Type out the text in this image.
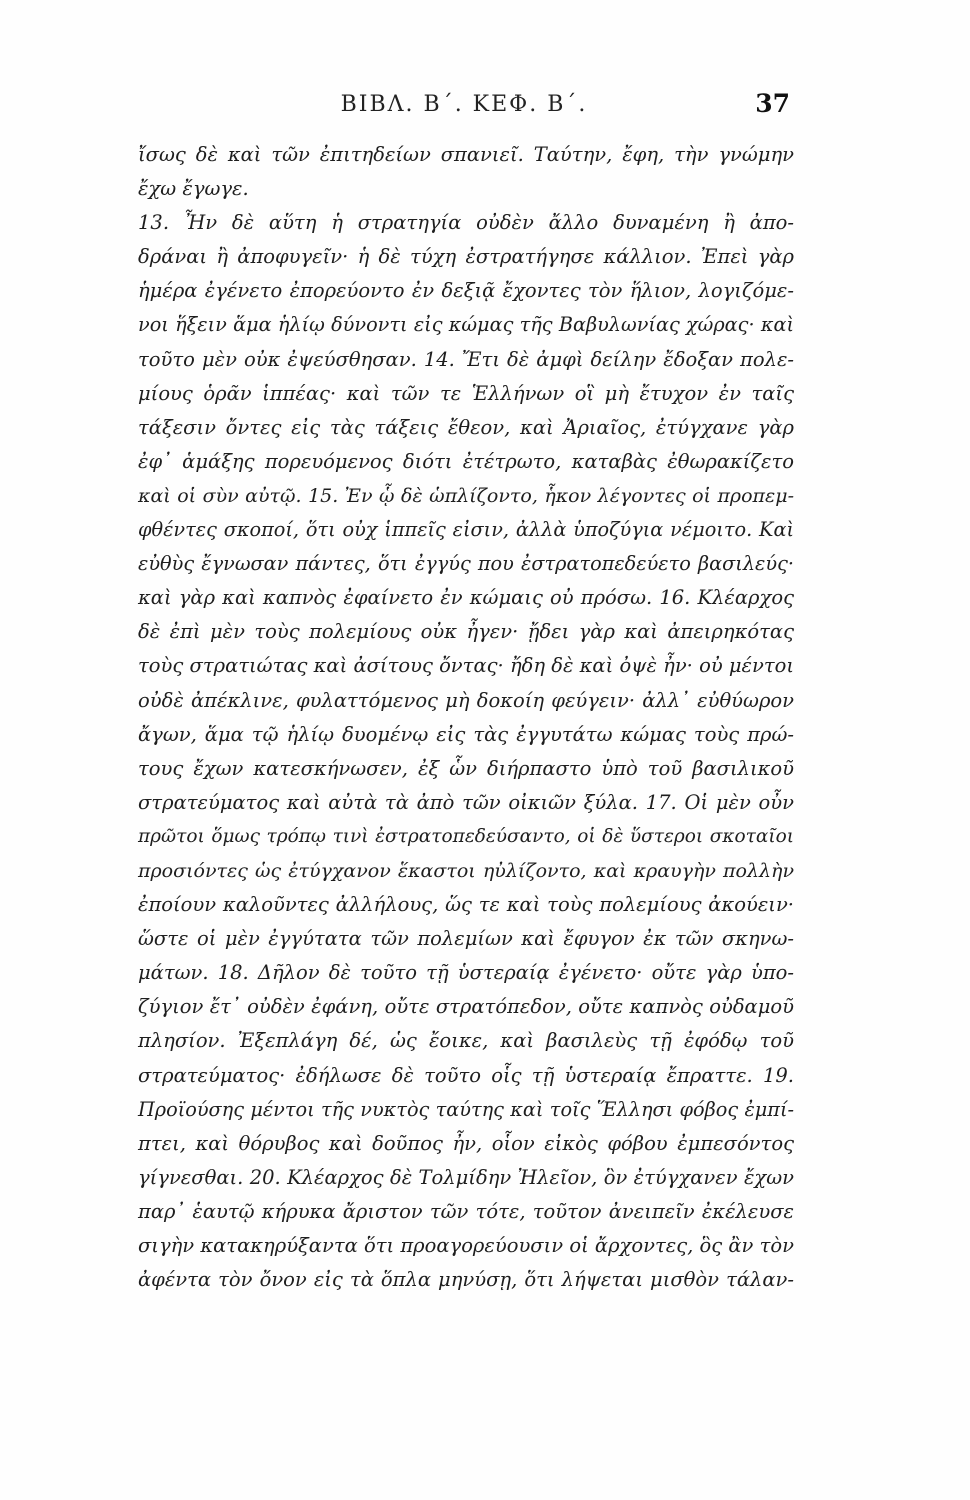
ΒΙΒΛ. Β΄. ΚΕΦ. Β΄.	37
ἴσως δὲ καὶ τῶν ἐπιτηδείων σπανιεῖ. Ταύτην, ἔφη, τὴν γνώμην
ἔχω ἔγωγε.
13. Ἦν δὲ αὕτη ἡ στρατηγία οὐδὲν ἄλλο δυναμένη ἢ ἀπο-
δράναι ἢ ἀποφυγεῖν· ἡ δὲ τύχη ἐστρατήγησε κάλλιον. Ἐπεὶ γὰρ
ἡμέρα ἐγένετο ἐπορεύοντο ἐν δεξιᾷ ἔχοντες τὸν ἥλιον, λογιζόμε-
νοι ἥξειν ἅμα ἡλίῳ δύνοντι εἰς κώμας τῆς Βαβυλωνίας χώρας· καὶ
τοῦτο μὲν οὐκ ἐψεύσθησαν. 14. Ἔτι δὲ ἀμφὶ δείλην ἔδοξαν πολε-
μίους ὁρᾶν ἱππέας· καὶ τῶν τε Ἑλλήνων οἳ μὴ ἔτυχον ἐν ταῖς
τάξεσιν ὄντες εἰς τὰς τάξεις ἔθεον, καὶ Ἀριαῖος, ἐτύγχανε γὰρ
ἐφ᾽ ἁμάξης πορευόμενος διότι ἐτέτρωτο, καταβὰς ἐθωρακίζετο
καὶ οἱ σὺν αὐτῷ. 15. Ἐν ᾧ δὲ ὡπλίζοντο, ἧκον λέγοντες οἱ προπεμ-
φθέντες σκοποί, ὅτι οὐχ ἱππεῖς εἰσιν, ἀλλὰ ὑποζύγια νέμοιτο. Καὶ
εὐθὺς ἔγνωσαν πάντες, ὅτι ἐγγύς που ἐστρατοπεδεύετο βασιλεύς·
καὶ γὰρ καὶ καπνὸς ἐφαίνετο ἐν κώμαις οὐ πρόσω. 16. Κλέαρχος
δὲ ἐπὶ μὲν τοὺς πολεμίους οὐκ ἦγεν· ᾔδει γὰρ καὶ ἀπειρηκότας
τοὺς στρατιώτας καὶ ἀσίτους ὄντας· ἤδη δὲ καὶ ὀψὲ ἦν· οὐ μέντοι
οὐδὲ ἀπέκλινε, φυλαττόμενος μὴ δοκοίη φεύγειν· ἀλλ᾽ εὐθύωρον
ἄγων, ἅμα τῷ ἡλίῳ δυομένῳ εἰς τὰς ἐγγυτάτω κώμας τοὺς πρώ-
τους ἔχων κατεσκήνωσεν, ἐξ ὧν διήρπαστο ὑπὸ τοῦ βασιλικοῦ
στρατεύματος καὶ αὐτὰ τὰ ἀπὸ τῶν οἰκιῶν ξύλα. 17. Οἱ μὲν οὖν
πρῶτοι ὅμως τρόπῳ τινὶ ἐστρατοπεδεύσαντο, οἱ δὲ ὕστεροι σκοταῖοι
προσιόντες ὡς ἐτύγχανον ἕκαστοι ηὐλίζοντο, καὶ κραυγὴν πολλὴν
ἐποίουν καλοῦντες ἀλλήλους, ὥς τε καὶ τοὺς πολεμίους ἀκούειν·
ὥστε οἱ μὲν ἐγγύτατα τῶν πολεμίων καὶ ἔφυγον ἐκ τῶν σκηνω-
μάτων. 18. Δῆλον δὲ τοῦτο τῇ ὑστεραίᾳ ἐγένετο· οὔτε γὰρ ὑπο-
ζύγιον ἔτ᾽ οὐδὲν ἐφάνη, οὔτε στρατόπεδον, οὔτε καπνὸς οὐδαμοῦ
πλησίον. Ἐξεπλάγη δέ, ὡς ἔοικε, καὶ βασιλεὺς τῇ ἐφόδῳ τοῦ
στρατεύματος· ἐδήλωσε δὲ τοῦτο οἷς τῇ ὑστεραίᾳ ἔπραττε. 19.
Προϊούσης μέντοι τῆς νυκτὸς ταύτης καὶ τοῖς Ἕλλησι φόβος ἐμπί-
πτει, καὶ θόρυβος καὶ δοῦπος ἦν, οἷον εἰκὸς φόβου ἐμπεσόντος
γίγνεσθαι. 20. Κλέαρχος δὲ Τολμίδην Ἠλεῖον, ὃν ἐτύγχανεν ἔχων
παρ᾽ ἑαυτῷ κήρυκα ἄριστον τῶν τότε, τοῦτον ἀνειπεῖν ἐκέλευσε
σιγὴν κατακηρύξαντα ὅτι προαγορεύουσιν οἱ ἄρχοντες, ὃς ἂν τὸν
ἀφέντα τὸν ὄνον εἰς τὰ ὅπλα μηνύσῃ, ὅτι λήψεται μισθὸν τάλαν-
